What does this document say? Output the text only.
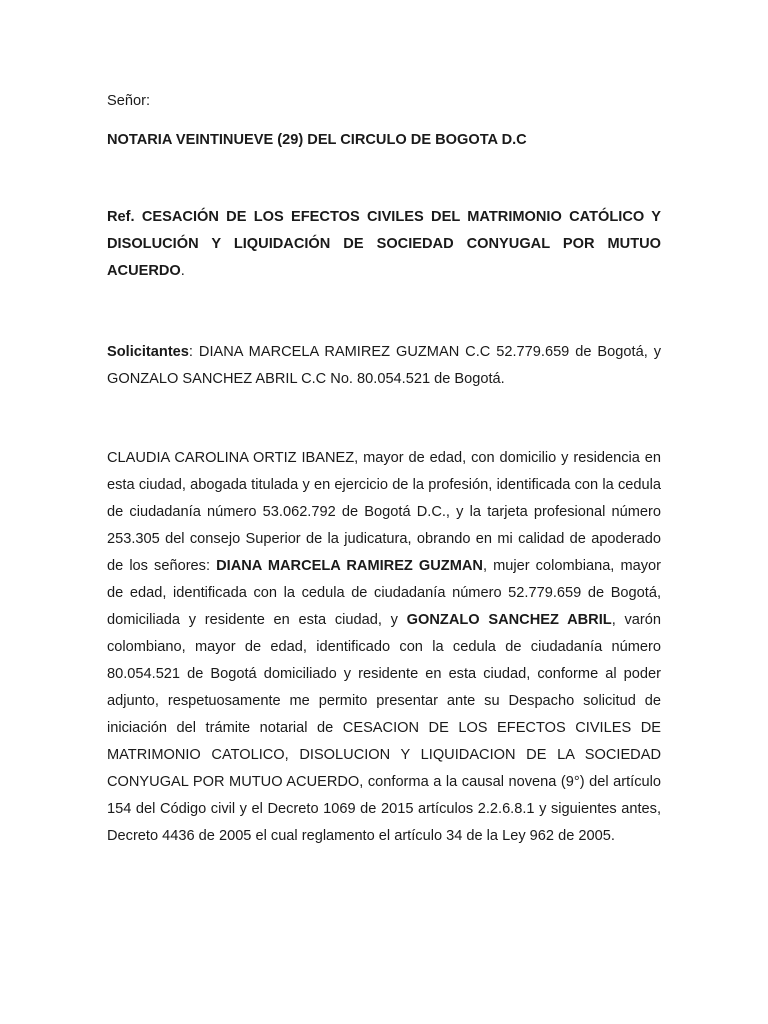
Señor:

NOTARIA VEINTINUEVE (29) DEL CIRCULO DE BOGOTA D.C

Ref. CESACIÓN DE LOS EFECTOS CIVILES DEL MATRIMONIO CATÓLICO Y DISOLUCIÓN Y LIQUIDACIÓN DE SOCIEDAD CONYUGAL POR MUTUO ACUERDO.

Solicitantes: DIANA MARCELA RAMIREZ GUZMAN C.C 52.779.659 de Bogotá, y GONZALO SANCHEZ ABRIL C.C No. 80.054.521 de Bogotá.

CLAUDIA CAROLINA ORTIZ IBANEZ, mayor de edad, con domicilio y residencia en esta ciudad, abogada titulada y en ejercicio de la profesión, identificada con la cedula de ciudadanía número 53.062.792 de Bogotá D.C., y la tarjeta profesional número 253.305 del consejo Superior de la judicatura, obrando en mi calidad de apoderado de los señores: DIANA MARCELA RAMIREZ GUZMAN, mujer colombiana, mayor de edad, identificada con la cedula de ciudadanía número 52.779.659 de Bogotá, domiciliada y residente en esta ciudad, y GONZALO SANCHEZ ABRIL, varón colombiano, mayor de edad, identificado con la cedula de ciudadanía número 80.054.521 de Bogotá domiciliado y residente en esta ciudad, conforme al poder adjunto, respetuosamente me permito presentar ante su Despacho solicitud de iniciación del trámite notarial de CESACION DE LOS EFECTOS CIVILES DE MATRIMONIO CATOLICO, DISOLUCION Y LIQUIDACION DE LA SOCIEDAD CONYUGAL POR MUTUO ACUERDO, conforma a la causal novena (9°) del artículo 154 del Código civil y el Decreto 1069 de 2015 artículos 2.2.6.8.1 y siguientes antes, Decreto 4436 de 2005 el cual reglamento el artículo 34 de la Ley 962 de 2005.
